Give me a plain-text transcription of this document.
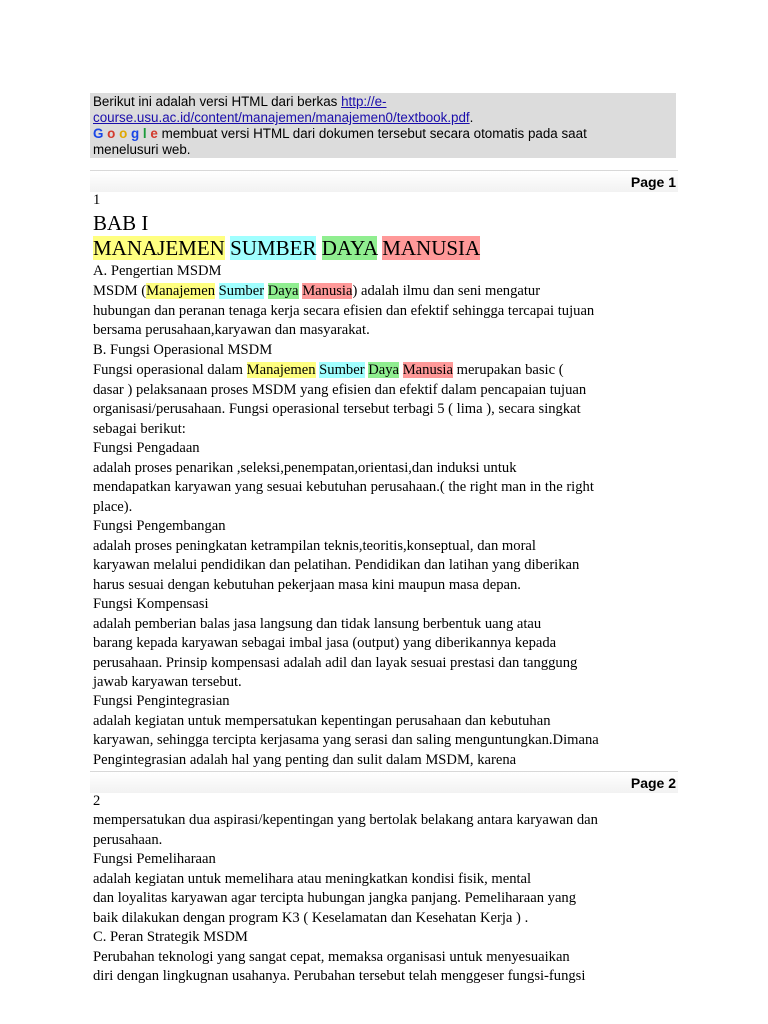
Berikut ini adalah versi HTML dari berkas http://e-
course.usu.ac.id/content/manajemen/manajemen0/textbook.pdf.
G o o g l e membuat versi HTML dari dokumen tersebut secara otomatis pada saat
menelusuri web.
Page 1
1
BAB I
MANAJEMEN SUMBER DAYA MANUSIA
A. Pengertian MSDM
MSDM (Manajemen Sumber Daya Manusia) adalah ilmu dan seni mengatur
hubungan dan peranan tenaga kerja secara efisien dan efektif sehingga tercapai tujuan
bersama perusahaan,karyawan dan masyarakat.
B. Fungsi Operasional MSDM
Fungsi operasional dalam Manajemen Sumber Daya Manusia merupakan basic (
dasar ) pelaksanaan proses MSDM yang efisien dan efektif dalam pencapaian tujuan
organisasi/perusahaan. Fungsi operasional tersebut terbagi 5 ( lima ), secara singkat
sebagai berikut:
Fungsi Pengadaan
adalah proses penarikan ,seleksi,penempatan,orientasi,dan induksi untuk
mendapatkan karyawan yang sesuai kebutuhan perusahaan.( the right man in the right
place).
Fungsi Pengembangan
adalah proses peningkatan ketrampilan teknis,teoritis,konseptual, dan moral
karyawan melalui pendidikan dan pelatihan. Pendidikan dan latihan yang diberikan
harus sesuai dengan kebutuhan pekerjaan masa kini maupun masa depan.
Fungsi Kompensasi
adalah pemberian balas jasa langsung dan tidak lansung berbentuk uang atau
barang kepada karyawan sebagai imbal jasa (output) yang diberikannya kepada
perusahaan. Prinsip kompensasi adalah adil dan layak sesuai prestasi dan tanggung
jawab karyawan tersebut.
Fungsi Pengintegrasian
adalah kegiatan untuk mempersatukan kepentingan perusahaan dan kebutuhan
karyawan, sehingga tercipta kerjasama yang serasi dan saling menguntungkan.Dimana
Pengintegrasian adalah hal yang penting dan sulit dalam MSDM, karena
Page 2
2
mempersatukan dua aspirasi/kepentingan yang bertolak belakang antara karyawan dan
perusahaan.
Fungsi Pemeliharaan
adalah kegiatan untuk memelihara atau meningkatkan kondisi fisik, mental
dan loyalitas karyawan agar tercipta hubungan jangka panjang. Pemeliharaan yang
baik dilakukan dengan program K3 ( Keselamatan dan Kesehatan Kerja ) .
C. Peran Strategik MSDM
Perubahan teknologi yang sangat cepat, memaksa organisasi untuk menyesuaikan
diri dengan lingkugnan usahanya. Perubahan tersebut telah menggeser fungsi-fungsi
